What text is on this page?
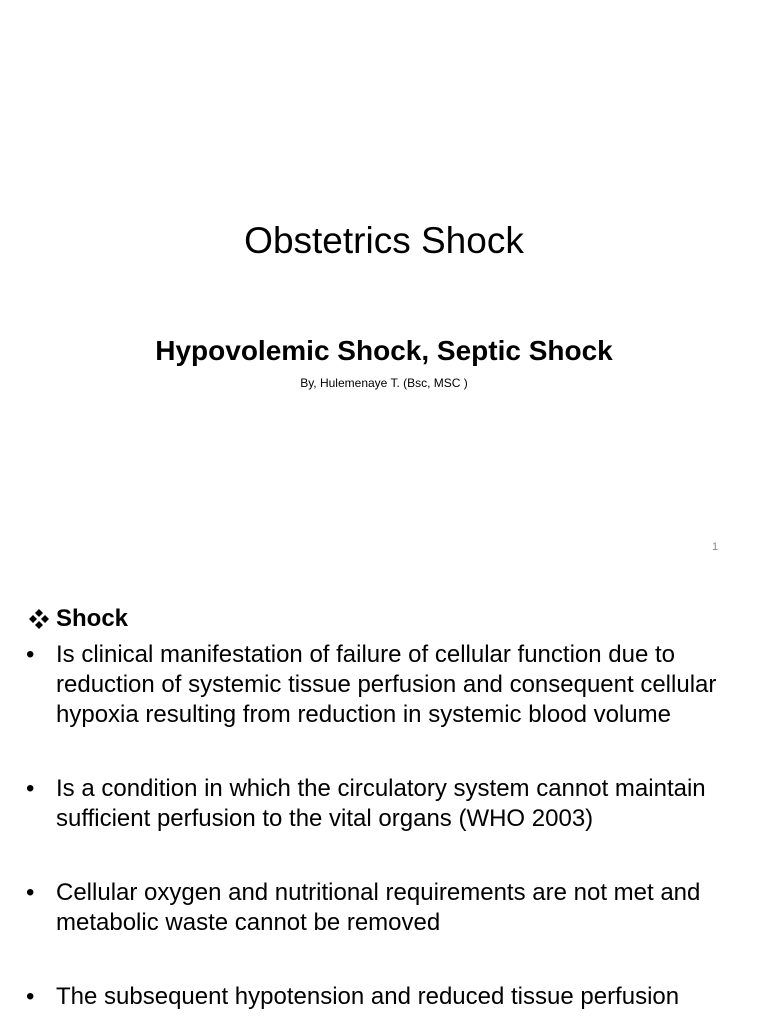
Obstetrics Shock
Hypovolemic Shock, Septic Shock
By, Hulemenaye T. (Bsc, MSC )
1
Shock
• Is clinical manifestation of failure of cellular function due to reduction of systemic tissue perfusion and consequent cellular hypoxia resulting from reduction in systemic blood volume
• Is a condition in which the circulatory system cannot maintain sufficient perfusion to the vital organs (WHO 2003)
• Cellular oxygen and nutritional requirements are not met and metabolic waste cannot be removed
• The subsequent hypotension and reduced tissue perfusion
